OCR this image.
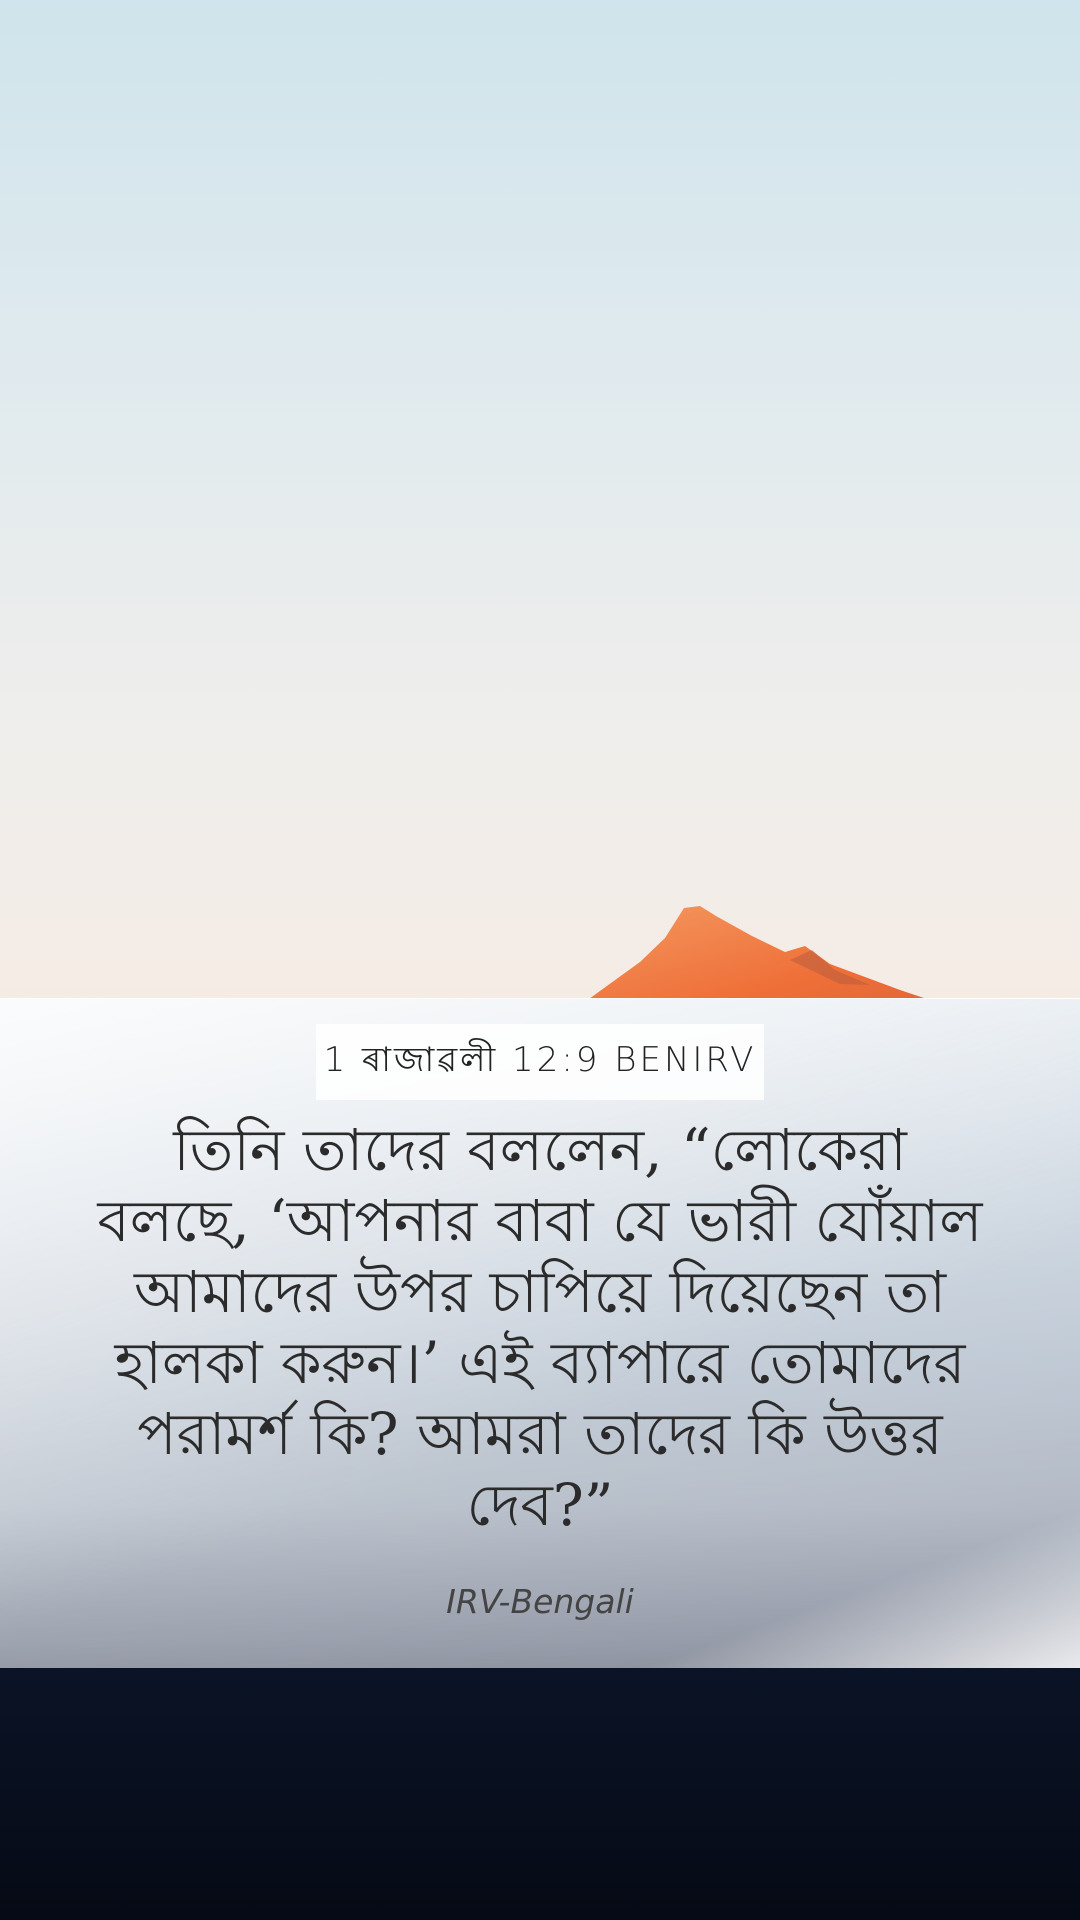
1 ৰাজাৱলী 12:9 BENIRV
তিনি তাদের বললেন, “লোকেরা বলছে, ‘আপনার বাবা যে ভারী যোঁয়াল আমাদের উপর চাপিয়ে দিয়েছেন তা হালকা করুন।’ এই ব্যাপারে তোমাদের পরামর্শ কি? আমরা তাদের কি উত্তর দেব?”
IRV-Bengali
